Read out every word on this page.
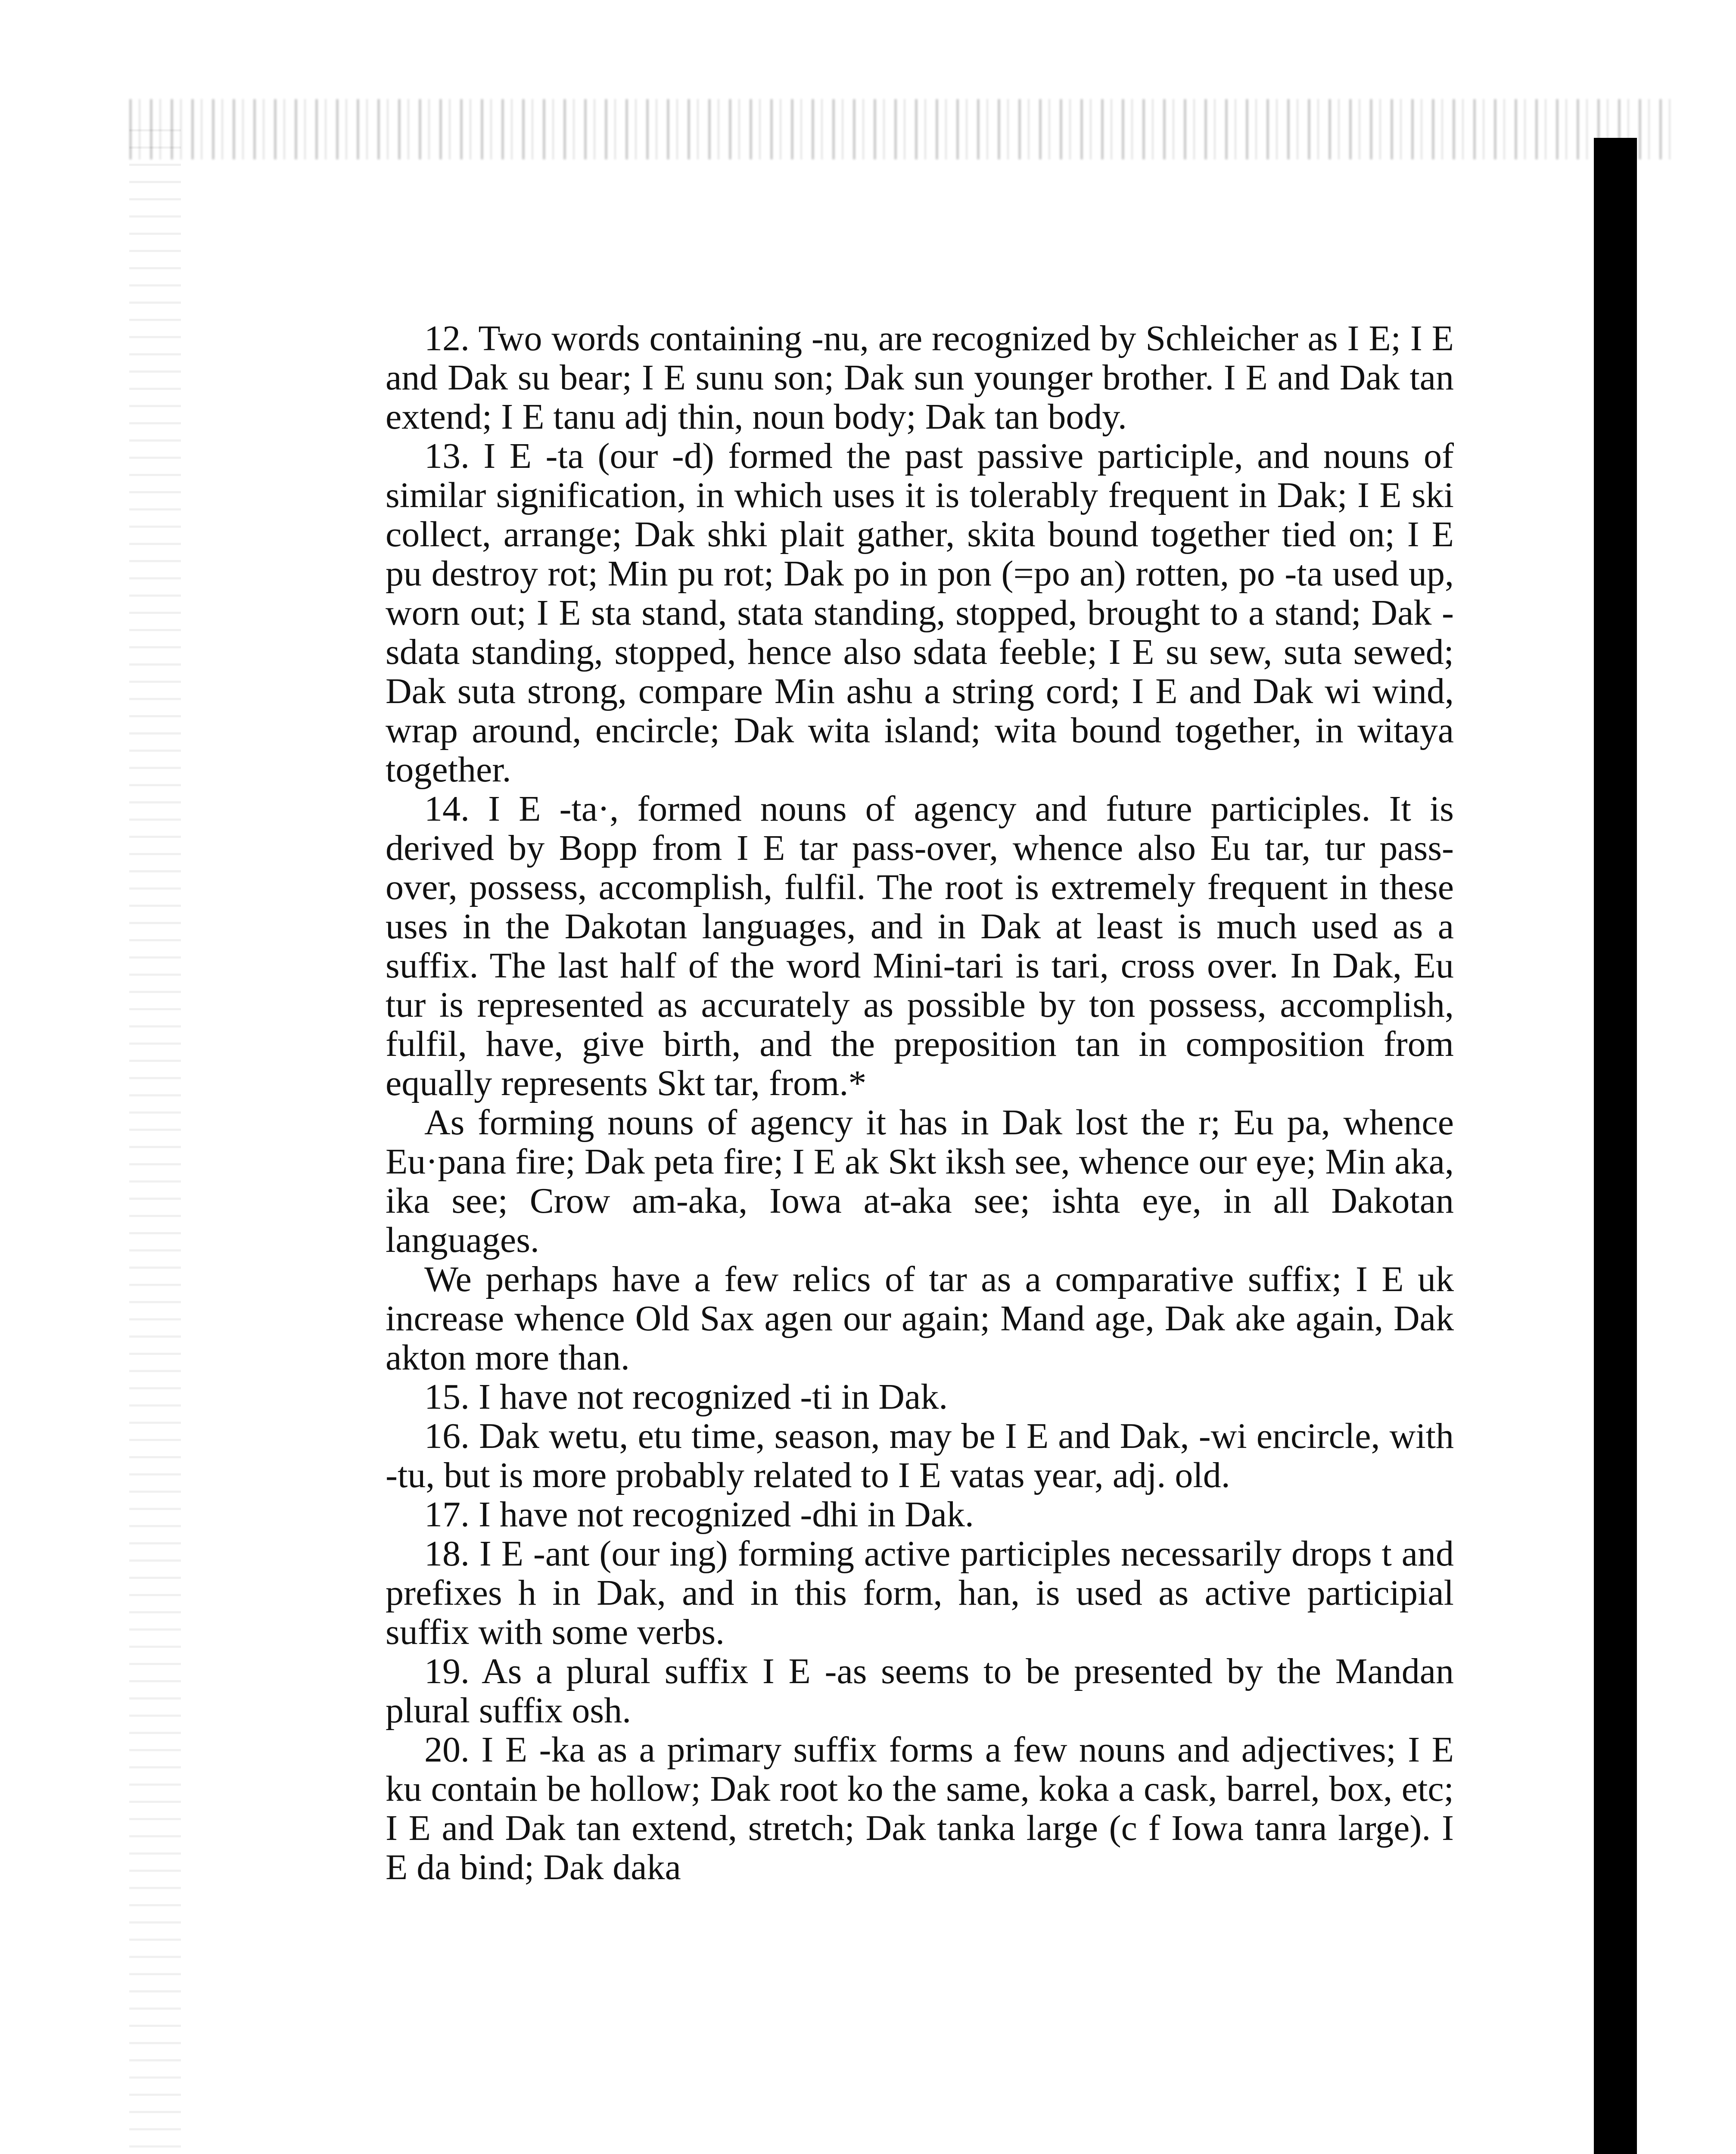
12. Two words containing -nu, are recognized by Schleicher as I E; I E and Dak su bear; I E sunu son; Dak sun younger brother. I E and Dak tan extend; I E tanu adj thin, noun body; Dak tan body.

13. I E -ta (our -d) formed the past passive participle, and nouns of similar signification, in which uses it is tolerably frequent in Dak; I E ski collect, arrange; Dak shki plait gather, skita bound together tied on; I E pu destroy rot; Min pu rot; Dak po in pon (=po an) rotten, po -ta used up, worn out; I E sta stand, stata standing, stopped, brought to a stand; Dak -sdata standing, stopped, hence also sdata feeble; I E su sew, suta sewed; Dak suta strong, compare Min ashu a string cord; I E and Dak wi wind, wrap around, encircle; Dak wita island; wita bound together, in witaya together.

14. I E -ta·, formed nouns of agency and future participles. It is derived by Bopp from I E tar pass-over, whence also Eu tar, tur pass-over, possess, accomplish, fulfil. The root is extremely frequent in these uses in the Dakotan languages, and in Dak at least is much used as a suffix. The last half of the word Mini-tari is tari, cross over. In Dak, Eu tur is represented as accurately as possible by ton possess, accomplish, fulfil, have, give birth, and the preposition tan in composition from equally represents Skt tar, from.*

As forming nouns of agency it has in Dak lost the r; Eu pa, whence Eu·pana fire; Dak peta fire; I E ak Skt iksh see, whence our eye; Min aka, ika see; Crow am-aka, Iowa at-aka see; ishta eye, in all Dakotan languages.

We perhaps have a few relics of tar as a comparative suffix; I E uk increase whence Old Sax agen our again; Mand age, Dak ake again, Dak akton more than.

15. I have not recognized -ti in Dak.

16. Dak wetu, etu time, season, may be I E and Dak, -wi encircle, with -tu, but is more probably related to I E vatas year, adj. old.

17. I have not recognized -dhi in Dak.

18. I E -ant (our ing) forming active participles necessarily drops t and prefixes h in Dak, and in this form, han, is used as active participial suffix with some verbs.

19. As a plural suffix I E -as seems to be presented by the Mandan plural suffix osh.

20. I E -ka as a primary suffix forms a few nouns and adjectives; I E ku contain be hollow; Dak root ko the same, koka a cask, barrel, box, etc; I E and Dak tan extend, stretch; Dak tanka large (c f Iowa tanra large). I E da bind; Dak daka
